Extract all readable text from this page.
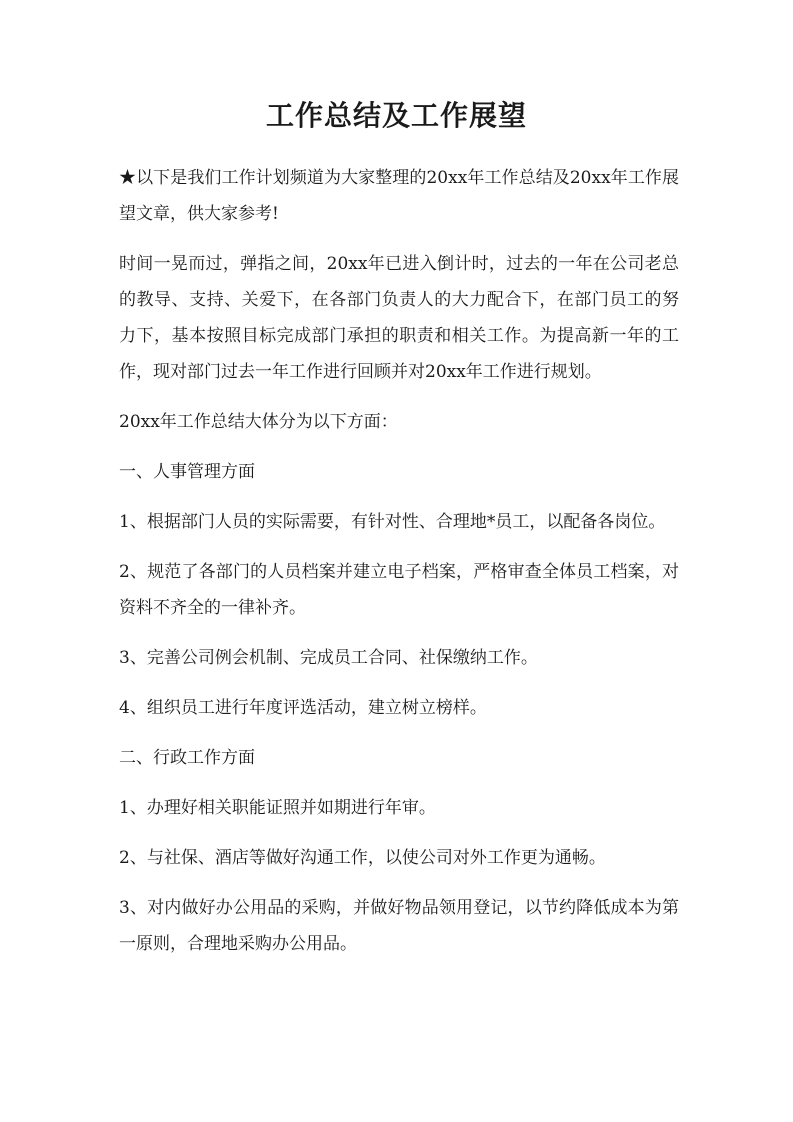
工作总结及工作展望

★以下是我们工作计划频道为大家整理的20xx年工作总结及20xx年工作展望文章，供大家参考!

时间一晃而过，弹指之间，20xx年已进入倒计时，过去的一年在公司老总的教导、支持、关爱下，在各部门负责人的大力配合下，在部门员工的努力下，基本按照目标完成部门承担的职责和相关工作。为提高新一年的工作，现对部门过去一年工作进行回顾并对20xx年工作进行规划。

20xx年工作总结大体分为以下方面：

一、人事管理方面

1、根据部门人员的实际需要，有针对性、合理地*员工，以配备各岗位。

2、规范了各部门的人员档案并建立电子档案，严格审查全体员工档案，对资料不齐全的一律补齐。

3、完善公司例会机制、完成员工合同、社保缴纳工作。

4、组织员工进行年度评选活动，建立树立榜样。

二、行政工作方面

1、办理好相关职能证照并如期进行年审。

2、与社保、酒店等做好沟通工作，以使公司对外工作更为通畅。

3、对内做好办公用品的采购，并做好物品领用登记，以节约降低成本为第一原则，合理地采购办公用品。
